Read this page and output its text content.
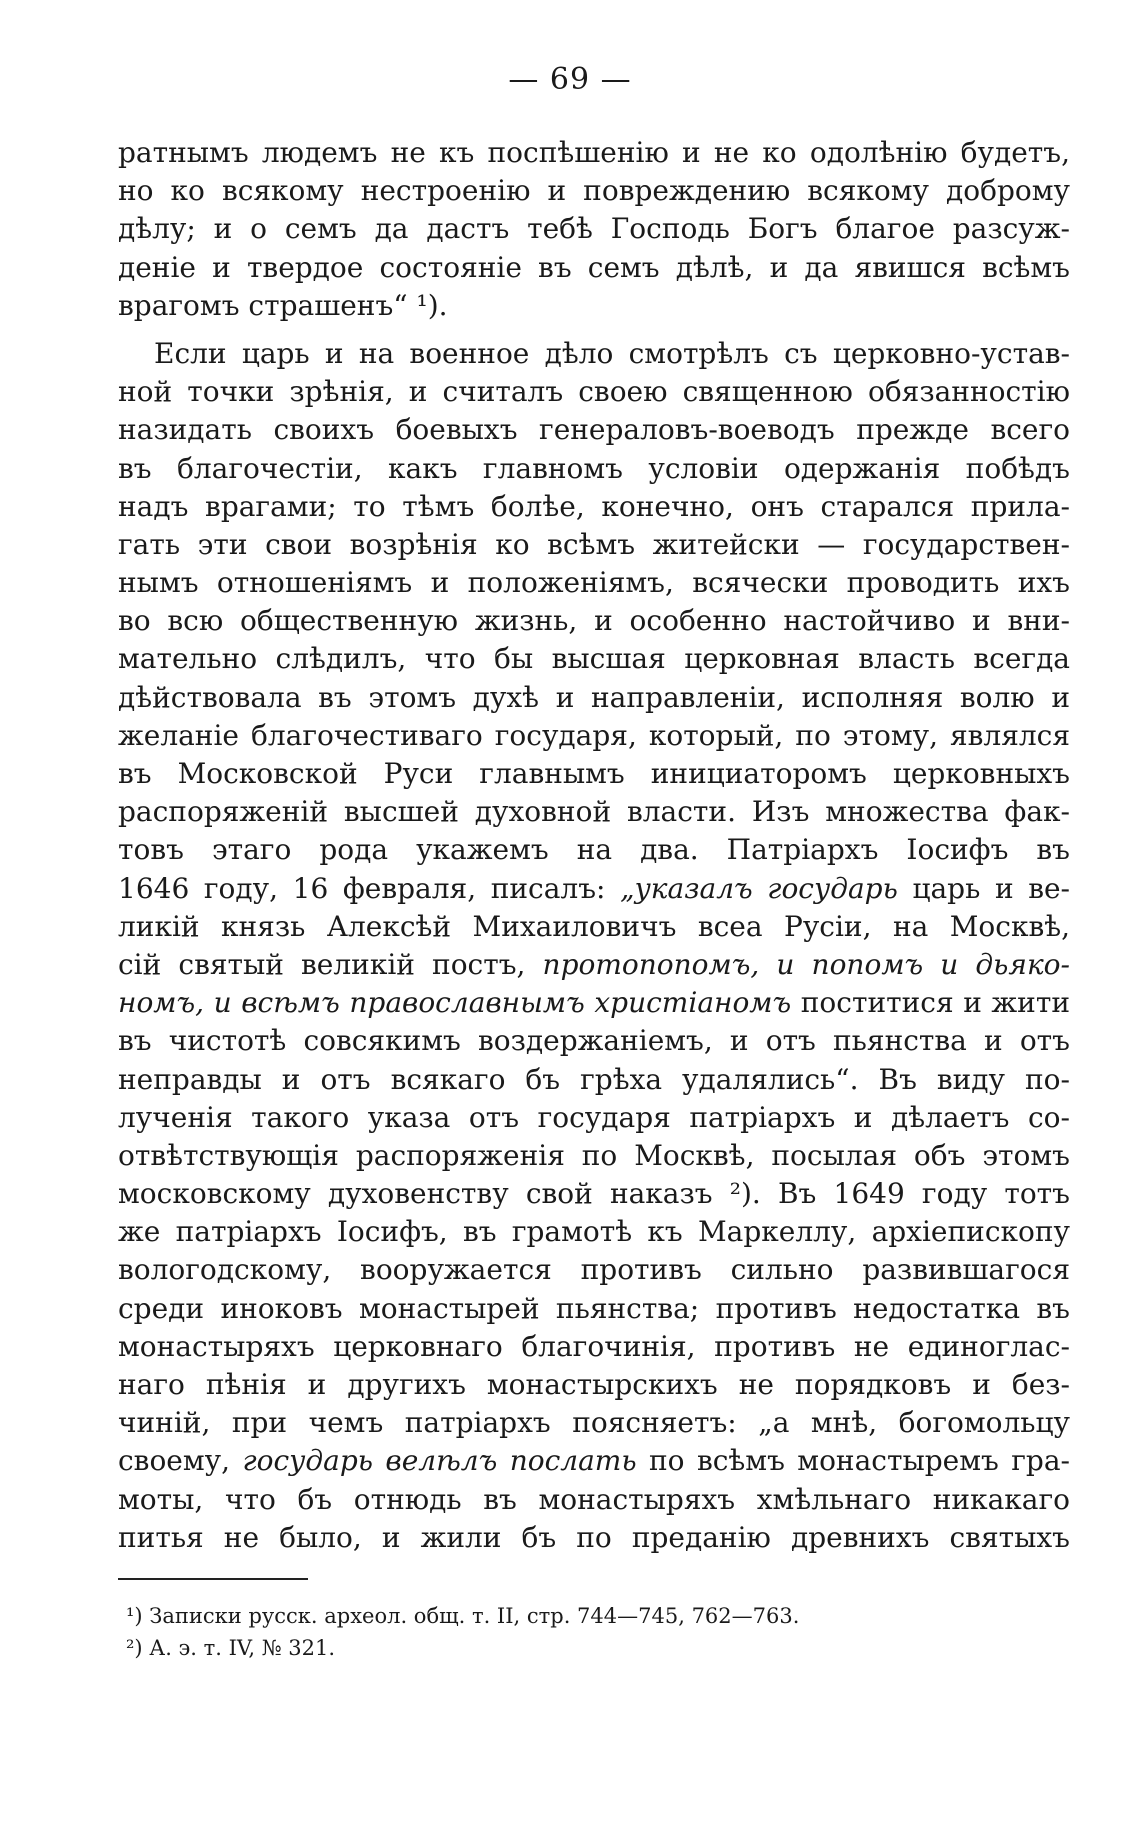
— 69 —
ратнымъ людемъ не къ поспѣшенію и не ко одолѣнію будетъ,
но ко всякому нестроенію и повреждению всякому доброму
дѣлу; и о семъ да дастъ тебѣ Господь Богъ благое разсуж-
деніе и твердое состояніе въ семъ дѣлѣ, и да явишся всѣмъ
врагомъ страшенъ“ ¹).
Если царь и на военное дѣло смотрѣлъ съ церковно-устав-
ной точки зрѣнія, и считалъ своею священною обязанностію
назидать своихъ боевыхъ генераловъ-воеводъ прежде всего
въ благочестіи, какъ главномъ условіи одержанія побѣдъ
надъ врагами; то тѣмъ болѣе, конечно, онъ старался прила-
гать эти свои возрѣнія ко всѣмъ житейски — государствен-
нымъ отношеніямъ и положеніямъ, всячески проводить ихъ
во всю общественную жизнь, и особенно настойчиво и вни-
мательно слѣдилъ, что бы высшая церковная власть всегда
дѣйствовала въ этомъ духѣ и направленіи, исполняя волю и
желаніе благочестиваго государя, который, по этому, являлся
въ Московской Руси главнымъ инициаторомъ церковныхъ
распоряженій высшей духовной власти. Изъ множества фак-
товъ этаго рода укажемъ на два. Патріархъ Іосифъ въ
1646 году, 16 февраля, писалъ: „указалъ государь царь и ве-
ликій князь Алексѣй Михаиловичъ всеа Русіи, на Москвѣ,
сій святый великій постъ, протопопомъ, и попомъ и дьяко-
номъ, и всѣмъ православнымъ христіаномъ поститися и жити
въ чистотѣ совсякимъ воздержаніемъ, и отъ пьянства и отъ
неправды и отъ всякаго бъ грѣха удалялись“. Въ виду по-
лученія такого указа отъ государя патріархъ и дѣлаетъ со-
отвѣтствующія распоряженія по Москвѣ, посылая объ этомъ
московскому духовенству свой наказъ ²). Въ 1649 году тотъ
же патріархъ Іосифъ, въ грамотѣ къ Маркеллу, архіепископу
вологодскому, вооружается противъ сильно развившагося
среди иноковъ монастырей пьянства; противъ недостатка въ
монастыряхъ церковнаго благочинія, противъ не единоглас-
наго пѣнія и другихъ монастырскихъ не порядковъ и без-
чиній, при чемъ патріархъ поясняетъ: „а мнѣ, богомольцу
своему, государь велѣлъ послать по всѣмъ монастыремъ гра-
моты, что бъ отнюдь въ монастыряхъ хмѣльнаго никакаго
питья не было, и жили бъ по преданію древнихъ святыхъ
¹) Записки русск. археол. общ. т. II, стр. 744—745, 762—763.
²) А. э. т. IV, № 321.
